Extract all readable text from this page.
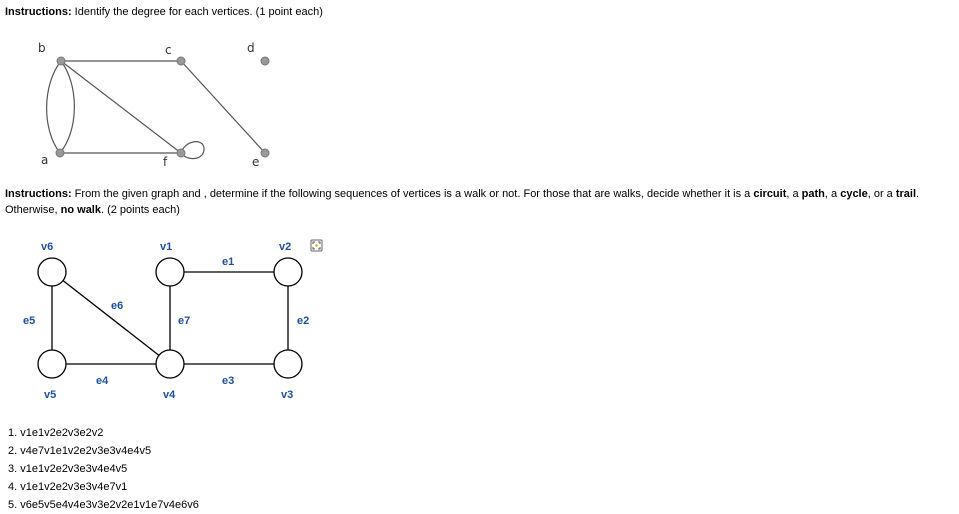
Instructions: Identify the degree for each vertices. (1 point each)
b	c	d
a	f	e
v6	v1	v2
v5	v4	v3
e1
e2
e3
e4
e5
e6
e7
Instructions: From the given graph and , determine if the following sequences of vertices is a walk or not. For those that are walks, decide whether it is a circuit, a path, a cycle, or a trail. Otherwise, no walk. (2 points each)
1. v1e1v2e2v3e2v2
2. v4e7v1e1v2e2v3e3v4e4v5
3. v1e1v2e2v3e3v4e4v5
4. v1e1v2e2v3e3v4e7v1
5. v6e5v5e4v4e3v3e2v2e1v1e7v4e6v6
